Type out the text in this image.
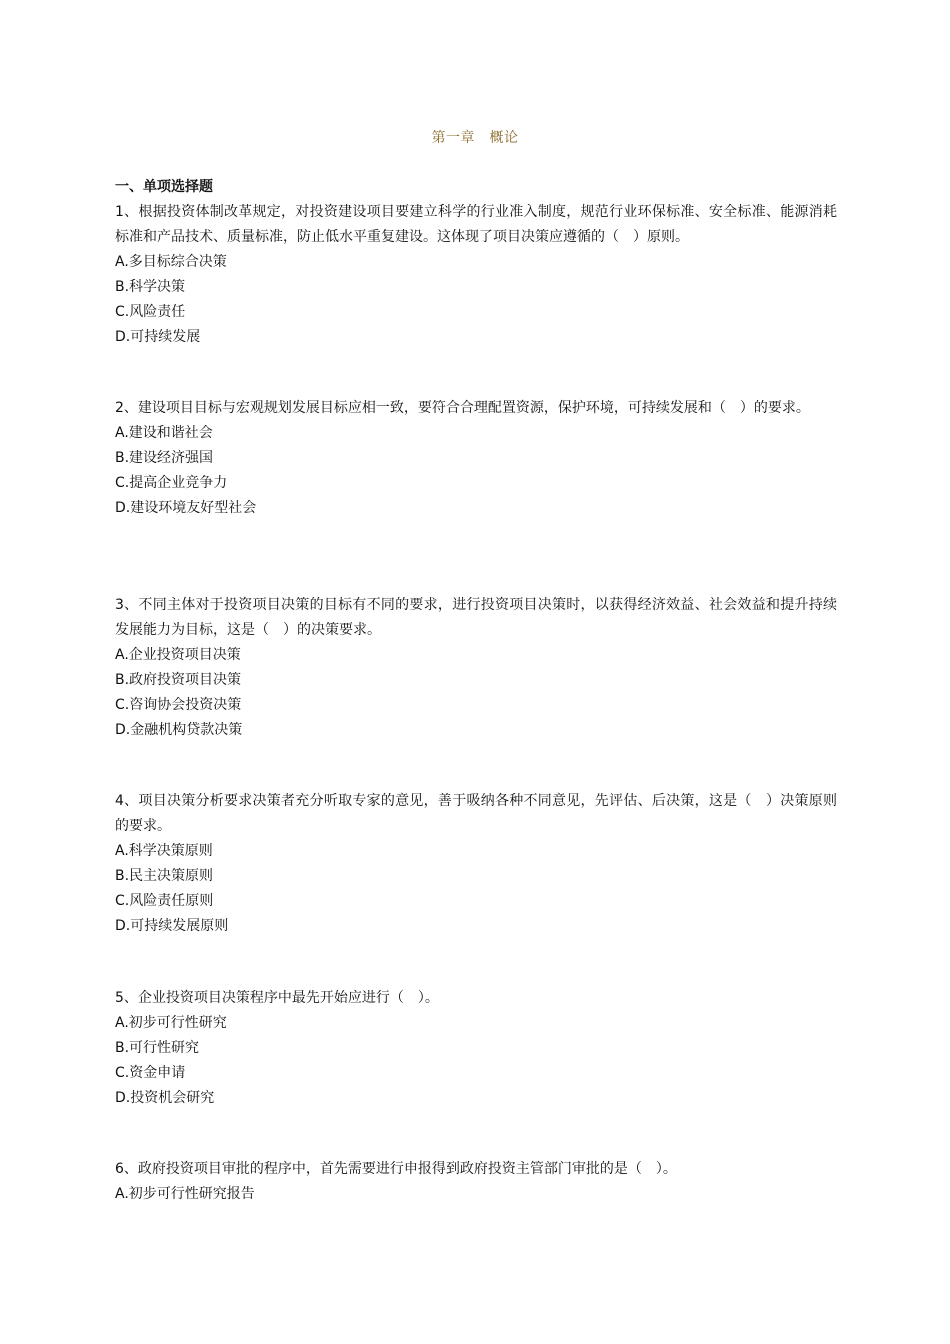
第一章　概论
一、单项选择题

1、根据投资体制改革规定，对投资建设项目要建立科学的行业准入制度，规范行业环保标准、安全标准、能源消耗标准和产品技术、质量标准，防止低水平重复建设。这体现了项目决策应遵循的（　）原则。

A.多目标综合决策

B.科学决策

C.风险责任

D.可持续发展

2、建设项目目标与宏观规划发展目标应相一致，要符合合理配置资源，保护环境，可持续发展和（　）的要求。

A.建设和谐社会

B.建设经济强国

C.提高企业竞争力

D.建设环境友好型社会

3、不同主体对于投资项目决策的目标有不同的要求，进行投资项目决策时，以获得经济效益、社会效益和提升持续发展能力为目标，这是（　）的决策要求。

A.企业投资项目决策

B.政府投资项目决策

C.咨询协会投资决策

D.金融机构贷款决策

4、项目决策分析要求决策者充分听取专家的意见，善于吸纳各种不同意见，先评估、后决策，这是（　）决策原则的要求。

A.科学决策原则

B.民主决策原则

C.风险责任原则

D.可持续发展原则

5、企业投资项目决策程序中最先开始应进行（　）。

A.初步可行性研究

B.可行性研究

C.资金申请

D.投资机会研究

6、政府投资项目审批的程序中，首先需要进行申报得到政府投资主管部门审批的是（　）。

A.初步可行性研究报告
